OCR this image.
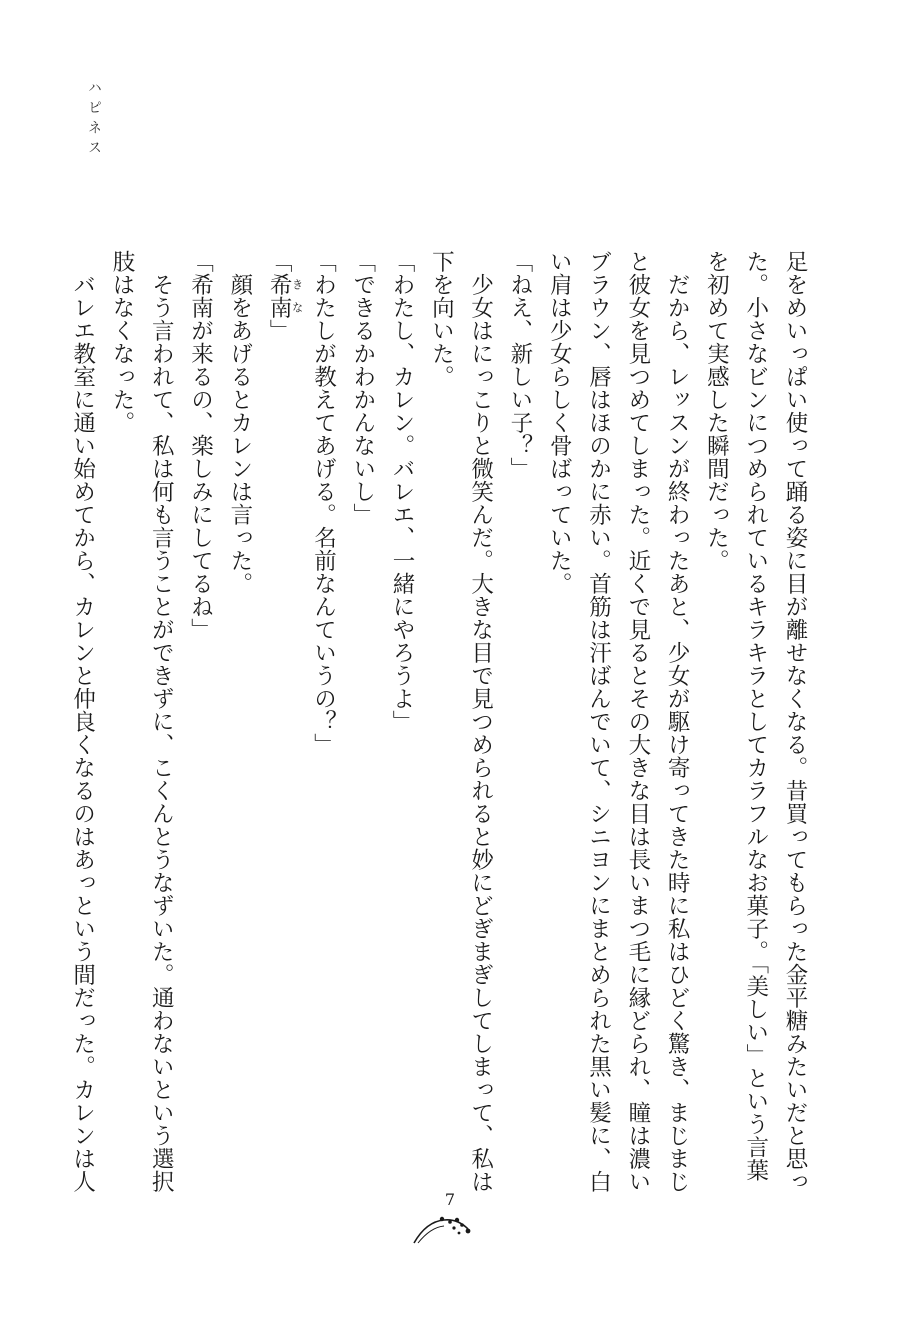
ハピネス

足をめいっぱい使って踊る姿に目が離せなくなる。昔買ってもらった金平糖みたいだと思っ

た。小さなビンにつめられているキラキラとしてカラフルなお菓子。「美しい」という言葉

を初めて実感した瞬間だった。

　だから、レッスンが終わったあと、少女が駆け寄ってきた時に私はひどく驚き、まじまじ

と彼女を見つめてしまった。近くで見るとその大きな目は長いまつ毛に縁どられ、瞳は濃い

ブラウン、唇はほのかに赤い。首筋は汗ばんでいて、シニヨンにまとめられた黒い髪に、白

い肩は少女らしく骨ばっていた。

「ねえ、新しい子？」

　少女はにっこりと微笑んだ。大きな目で見つめられると妙にどぎまぎしてしまって、私は

下を向いた。

「わたし、カレン。バレエ、一緒にやろうよ」

「できるかわかんないし」

「わたしが教えてあげる。名前なんていうの？」

「希南きな」

　顔をあげるとカレンは言った。

「希南が来るの、楽しみにしてるね」

　そう言われて、私は何も言うことができずに、こくんとうなずいた。通わないという選択

肢はなくなった。

　バレエ教室に通い始めてから、カレンと仲良くなるのはあっという間だった。カレンは人

7
